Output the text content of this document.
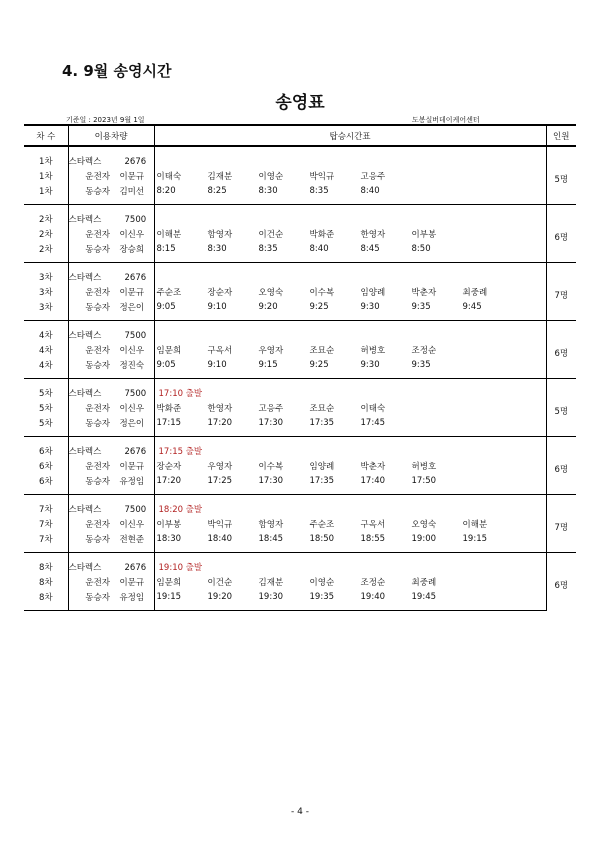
4. 9월 송영시간
송영표
기준일 : 2023년 9월 1일	도봉실버데이케어센터
차 수	이용차량		탑승시간표	인원
1차	스타렉스 2676			5명
1차	운전자	이문규	이태숙 김재분 이영순 박익규 고응주	
1차	동승자	김미선	8:20 8:25 8:30 8:35 8:40	
2차	스타렉스 7500			6명
2차	운전자	이신우	이해분 함영자 이건순 박화준 한영자 이부봉	
2차	동승자	장승희	8:15 8:30 8:35 8:40 8:45 8:50	
3차	스타렉스 2676			7명
3차	운전자	이문규	주순조 장순자 오영숙 이수복 임양례 박춘자 최중례	
3차	동승자	정은이	9:05 9:10 9:20 9:25 9:30 9:35 9:45	
4차	스타렉스 7500			6명
4차	운전자	이신우	임문희 구옥서 우영자 조묘순 허병호 조정순	
4차	동승자	정진숙	9:05 9:10 9:15 9:25 9:30 9:35	
5차	스타렉스 7500		17:10 출발	5명
5차	운전자	이신우	박화준 한영자 고응주 조묘순 이태숙	
5차	동승자	정은이	17:15 17:20 17:30 17:35 17:45	
6차	스타렉스 2676		17:15 출발	6명
6차	운전자	이문규	장순자 우영자 이수복 임양례 박춘자 허병호	
6차	동승자	유정임	17:20 17:25 17:30 17:35 17:40 17:50	
7차	스타렉스 7500		18:20 출발	7명
7차	운전자	이신우	이부봉 박익규 함영자 주순조 구옥서 오영숙 이해분	
7차	동승자	전현준	18:30 18:40 18:45 18:50 18:55 19:00 19:15	
8차	스타렉스 2676		19:10 출발	6명
8차	운전자	이문규	임문희 이건순 김재분 이영순 조정순 최중례	
8차	동승자	유정임	19:15 19:20 19:30 19:35 19:40 19:45	
- 4 -
